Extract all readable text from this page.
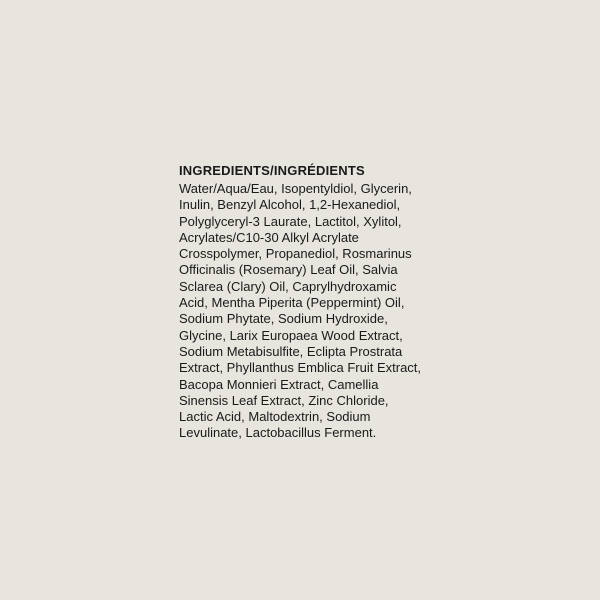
INGREDIENTS/INGRÉDIENTS
Water/Aqua/Eau, Isopentyldiol, Glycerin,
Inulin, Benzyl Alcohol, 1,2-Hexanediol,
Polyglyceryl-3 Laurate, Lactitol, Xylitol,
Acrylates/C10-30 Alkyl Acrylate
Crosspolymer, Propanediol, Rosmarinus
Officinalis (Rosemary) Leaf Oil, Salvia
Sclarea (Clary) Oil, Caprylhydroxamic
Acid, Mentha Piperita (Peppermint) Oil,
Sodium Phytate, Sodium Hydroxide,
Glycine, Larix Europaea Wood Extract,
Sodium Metabisulfite, Eclipta Prostrata
Extract, Phyllanthus Emblica Fruit Extract,
Bacopa Monnieri Extract, Camellia
Sinensis Leaf Extract, Zinc Chloride,
Lactic Acid, Maltodextrin, Sodium
Levulinate, Lactobacillus Ferment.
